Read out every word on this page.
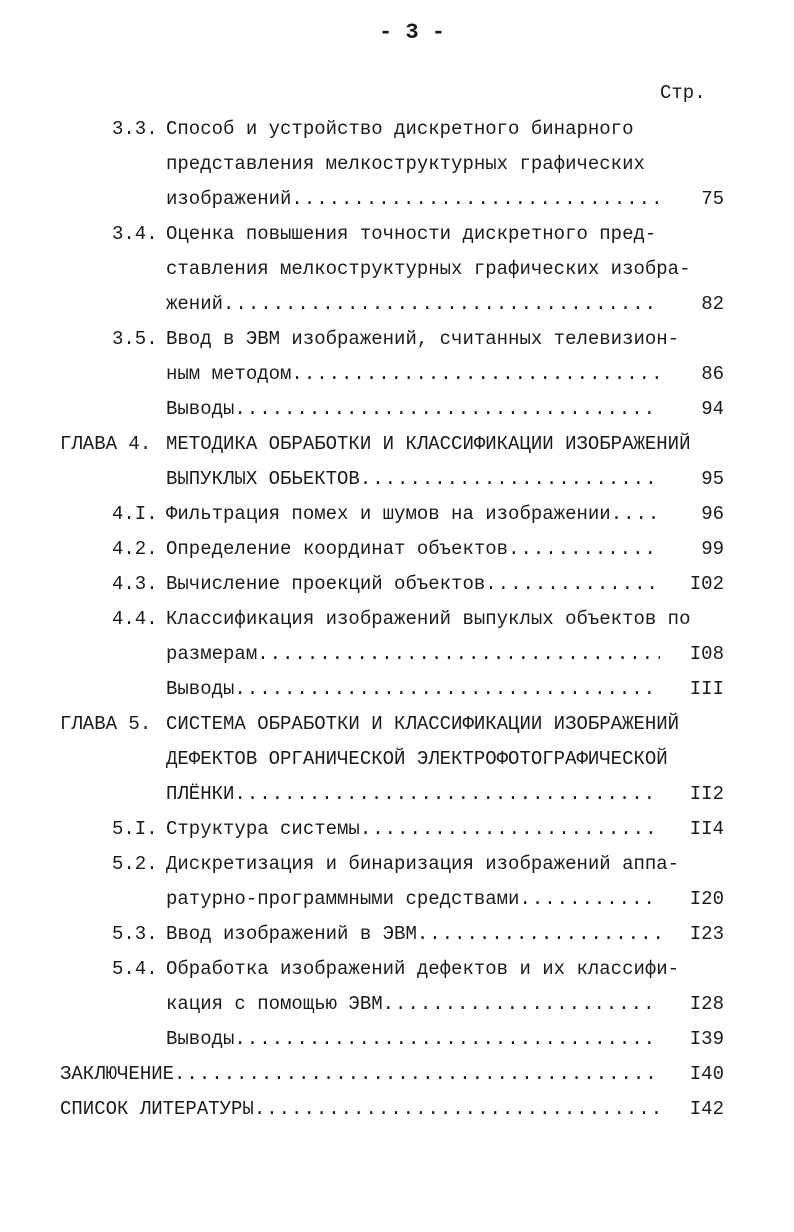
- 3 -
Стр.
3.3. Способ и устройство дискретного бинарного
представления мелкоструктурных графических
изображений .....	75
3.4. Оценка повышения точности дискретного пред-
ставления мелкоструктурных графических изобра-
жений .....	82
3.5. Ввод в ЭВМ изображений, считанных телевизион-
ным методом .....	86
Выводы .....	94
ГЛАВА 4. МЕТОДИКА ОБРАБОТКИ И КЛАССИФИКАЦИИ ИЗОБРАЖЕНИЙ
ВЫПУКЛЫХ ОБЬЕКТОВ .....	95
4.I. Фильтрация помех и шумов на изображении .....	96
4.2. Определение координат объектов .....	99
4.3. Вычисление проекций объектов .....	I02
4.4. Классификация изображений выпуклых объектов по
размерам .....	I08
Выводы .....	III
ГЛАВА 5. СИСТЕМА ОБРАБОТКИ И КЛАССИФИКАЦИИ ИЗОБРАЖЕНИЙ
ДЕФЕКТОВ ОРГАНИЧЕСКОЙ ЭЛЕКТРОФОТОГРАФИЧЕСКОЙ
ПЛЁНКИ .....	II2
5.I. Структура системы .....	II4
5.2. Дискретизация и бинаризация изображений аппа-
ратурно-программными средствами .....	I20
5.3. Ввод изображений в ЭВМ .....	I23
5.4. Обработка изображений дефектов и их классифи-
кация с помощью ЭВМ .....	I28
Выводы .....	I39
ЗАКЛЮЧЕНИЕ .....	I40
СПИСОК ЛИТЕРАТУРЫ .....	I42
